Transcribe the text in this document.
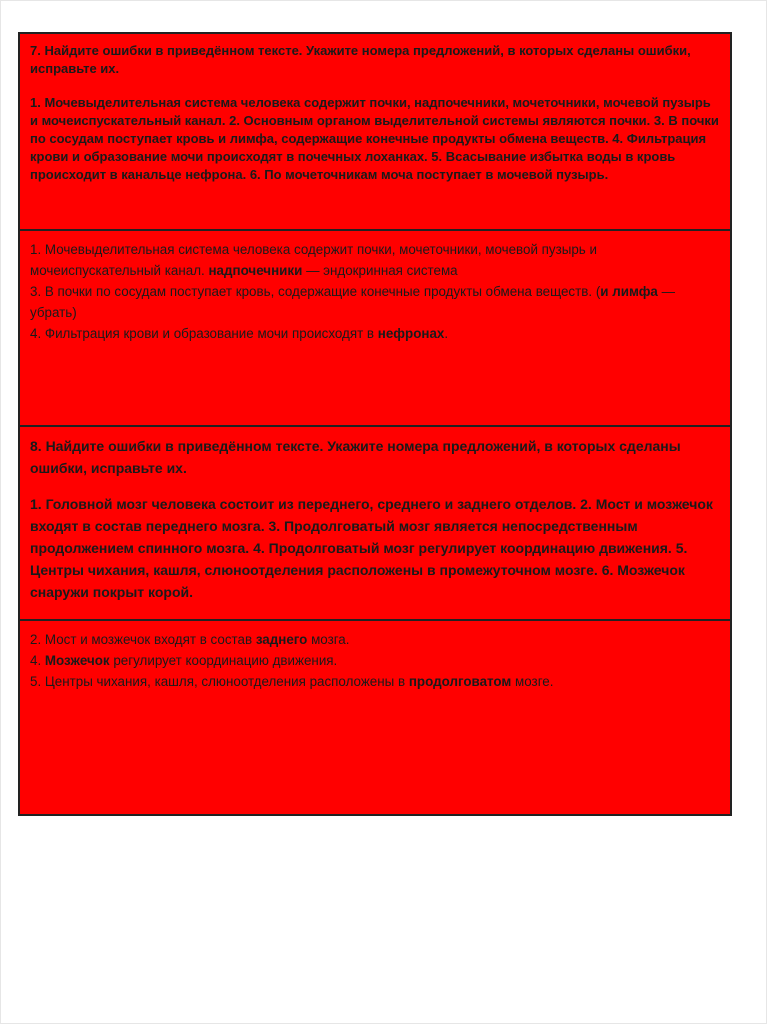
7. Найдите ошибки в приведённом тексте. Укажите номера предложений, в которых сделаны ошибки, исправьте их.

1. Мочевыделительная система человека содержит почки, надпочечники, мочеточники, мочевой пузырь и мочеиспускательный канал. 2. Основным органом выделительной системы являются почки. 3. В почки по сосудам поступает кровь и лимфа, содержащие конечные продукты обмена веществ. 4. Фильтрация крови и образование мочи происходят в почечных лоханках. 5. Всасывание избытка воды в кровь происходит в канальце нефрона. 6. По мочеточникам моча поступает в мочевой пузырь.

1. Мочевыделительная система человека содержит почки, мочеточники, мочевой пузырь и мочеиспускательный канал. надпочечники — эндокринная система

3. В почки по сосудам поступает кровь, содержащие конечные продукты обмена веществ. (и лимфа — убрать)

4. Фильтрация крови и образование мочи происходят в нефронах.

8. Найдите ошибки в приведённом тексте. Укажите номера предложений, в которых сделаны ошибки, исправьте их.

1. Головной мозг человека состоит из переднего, среднего и заднего отделов. 2. Мост и мозжечок входят в состав переднего мозга. 3. Продолговатый мозг является непосредственным продолжением спинного мозга. 4. Продолговатый мозг регулирует координацию движения. 5. Центры чихания, кашля, слюноотделения расположены в промежуточном мозге. 6. Мозжечок снаружи покрыт корой.

2. Мост и мозжечок входят в состав заднего мозга.

4. Мозжечок регулирует координацию движения.

5. Центры чихания, кашля, слюноотделения расположены в продолговатом мозге.
